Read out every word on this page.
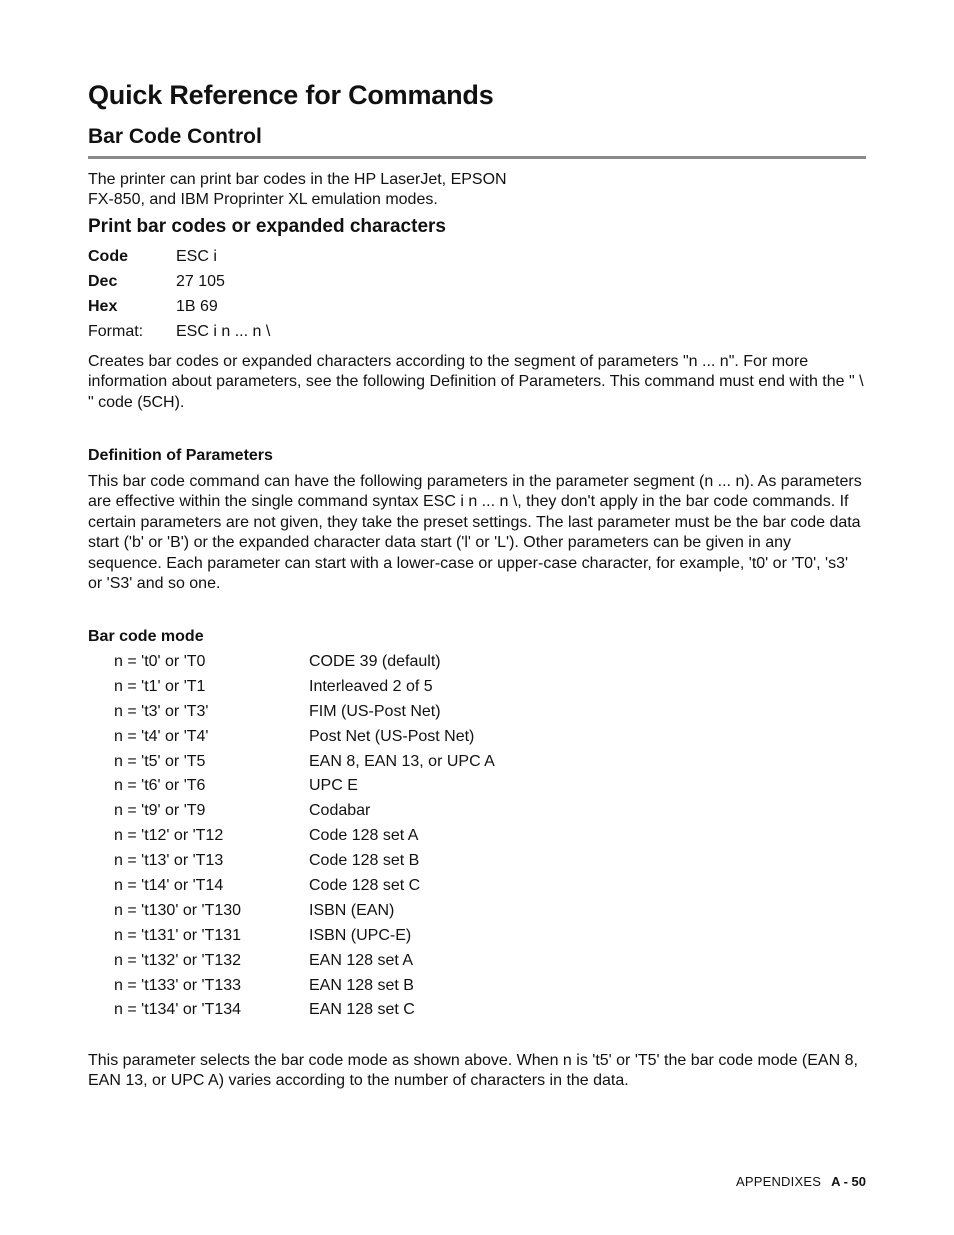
Quick Reference for Commands
Bar Code Control

The printer can print bar codes in the HP LaserJet, EPSON
FX-850, and IBM Proprinter XL emulation modes.

Print bar codes or expanded characters
Code	ESC i
Dec	27 105
Hex	1B 69
Format: ESC i n ... n \

Creates bar codes or expanded characters according to the segment of parameters "n ... n". For more information about parameters, see the following Definition of Parameters. This command must end with the " \ " code (5CH).

Definition of Parameters

This bar code command can have the following parameters in the parameter segment (n ... n). As parameters are effective within the single command syntax ESC i n ... n \, they don't apply in the bar code commands. If certain parameters are not given, they take the preset settings. The last parameter must be the bar code data start ('b' or 'B') or the expanded character data start ('l' or 'L'). Other parameters can be given in any sequence. Each parameter can start with a lower-case or upper-case character, for example, 't0' or 'T0', 's3' or 'S3' and so one.

Bar code mode
n = 't0' or 'T0	CODE 39 (default)
n = 't1' or 'T1	Interleaved 2 of 5
n = 't3' or 'T3'	FIM (US-Post Net)
n = 't4' or 'T4'	Post Net (US-Post Net)
n = 't5' or 'T5	EAN 8, EAN 13, or UPC A
n = 't6' or 'T6	UPC E
n = 't9' or 'T9	Codabar
n = 't12' or 'T12	Code 128 set A
n = 't13' or 'T13	Code 128 set B
n = 't14' or 'T14	Code 128 set C
n = 't130' or 'T130	ISBN (EAN)
n = 't131' or 'T131	ISBN (UPC-E)
n = 't132' or 'T132	EAN 128 set A
n = 't133' or 'T133	EAN 128 set B
n = 't134' or 'T134	EAN 128 set C

This parameter selects the bar code mode as shown above. When n is 't5' or 'T5' the bar code mode (EAN 8, EAN 13, or UPC A) varies according to the number of characters in the data.

APPENDIXES A - 50
